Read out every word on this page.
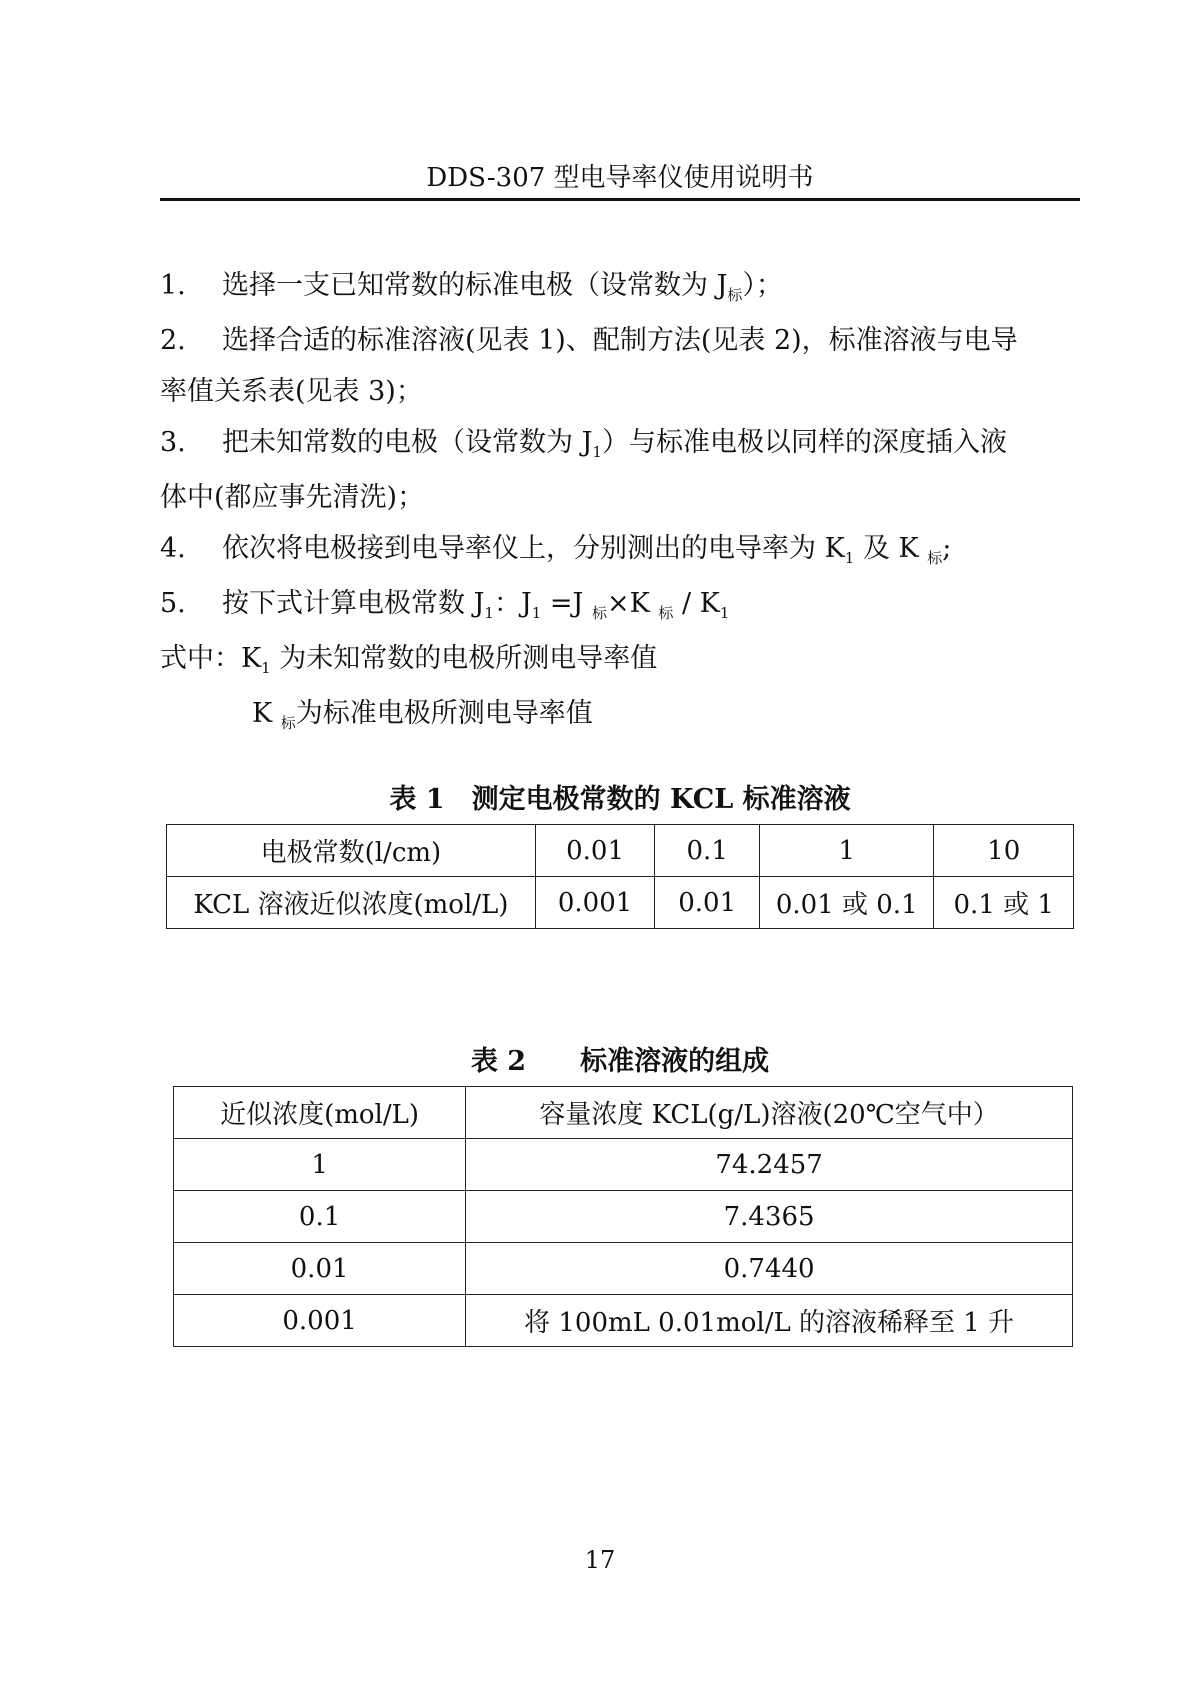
DDS-307 型电导率仪使用说明书
1. 选择一支已知常数的标准电极（设常数为 $J_标$）；
2. 选择合适的标准溶液(见表 1)、配制方法(见表 2)，标准溶液与电导
率值关系表(见表 3)；
3. 把未知常数的电极（设常数为 $J_1$）与标准电极以同样的深度插入液
体中(都应事先清洗)；
4. 依次将电极接到电导率仪上，分别测出的电导率为 $K_1$ 及 K $_标$;
5. 按下式计算电极常数 $J_1$：$J_1 =J$ $_标$×K $_标 / K_1$
式中：$K_1$ 为未知常数的电极所测电导率值
K $_标$为标准电极所测电导率值
表 1　测定电极常数的 KCL 标准溶液
电极常数(l/cm)	0.01	0.1	1	10
KCL 溶液近似浓度(mol/L)	0.001	0.01	0.01 或 0.1	0.1 或 1
表 2　　标准溶液的组成
近似浓度(mol/L)	容量浓度 KCL(g/L)溶液(20℃空气中）
1	74.2457
0.1	7.4365
0.01	0.7440
0.001	将 100mL 0.01mol/L 的溶液稀释至 1 升
17
